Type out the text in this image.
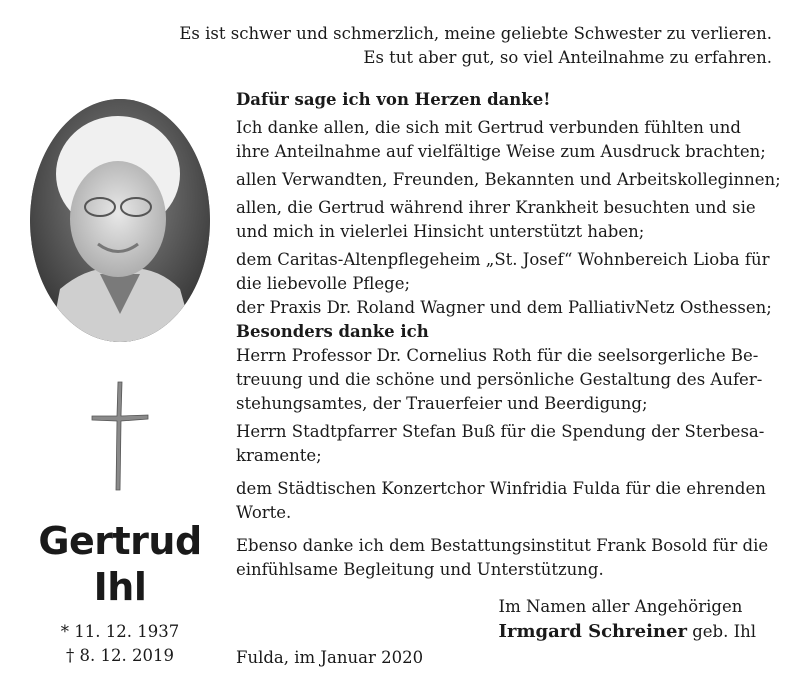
Es ist schwer und schmerzlich, meine geliebte Schwester zu verlieren.
Es tut aber gut, so viel Anteilnahme zu erfahren.
Gertrud
Ihl
* 11. 12. 1937
† 8. 12. 2019
Dafür sage ich von Herzen danke!
Ich danke allen, die sich mit Gertrud verbunden fühlten und
ihre Anteilnahme auf vielfältige Weise zum Ausdruck brachten;
allen Verwandten, Freunden, Bekannten und Arbeitskolleginnen;
allen, die Gertrud während ihrer Krankheit besuchten und sie
und mich in vielerlei Hinsicht unterstützt haben;
dem Caritas-Altenpflegeheim „St. Josef“ Wohnbereich Lioba für
die liebevolle Pflege;
der Praxis Dr. Roland Wagner und dem PalliativNetz Osthessen;
Besonders danke ich
Herrn Professor Dr. Cornelius Roth für die seelsorgerliche Be-
treuung und die schöne und persönliche Gestaltung des Aufer-
stehungsamtes, der Trauerfeier und Beerdigung;
Herrn Stadtpfarrer Stefan Buß für die Spendung der Sterbesa-
kramente;
dem Städtischen Konzertchor Winfridia Fulda für die ehrenden
Worte.
Ebenso danke ich dem Bestattungsinstitut Frank Bosold für die
einfühlsame Begleitung und Unterstützung.
Im Namen aller Angehörigen
Irmgard Schreiner geb. Ihl
Fulda, im Januar 2020
